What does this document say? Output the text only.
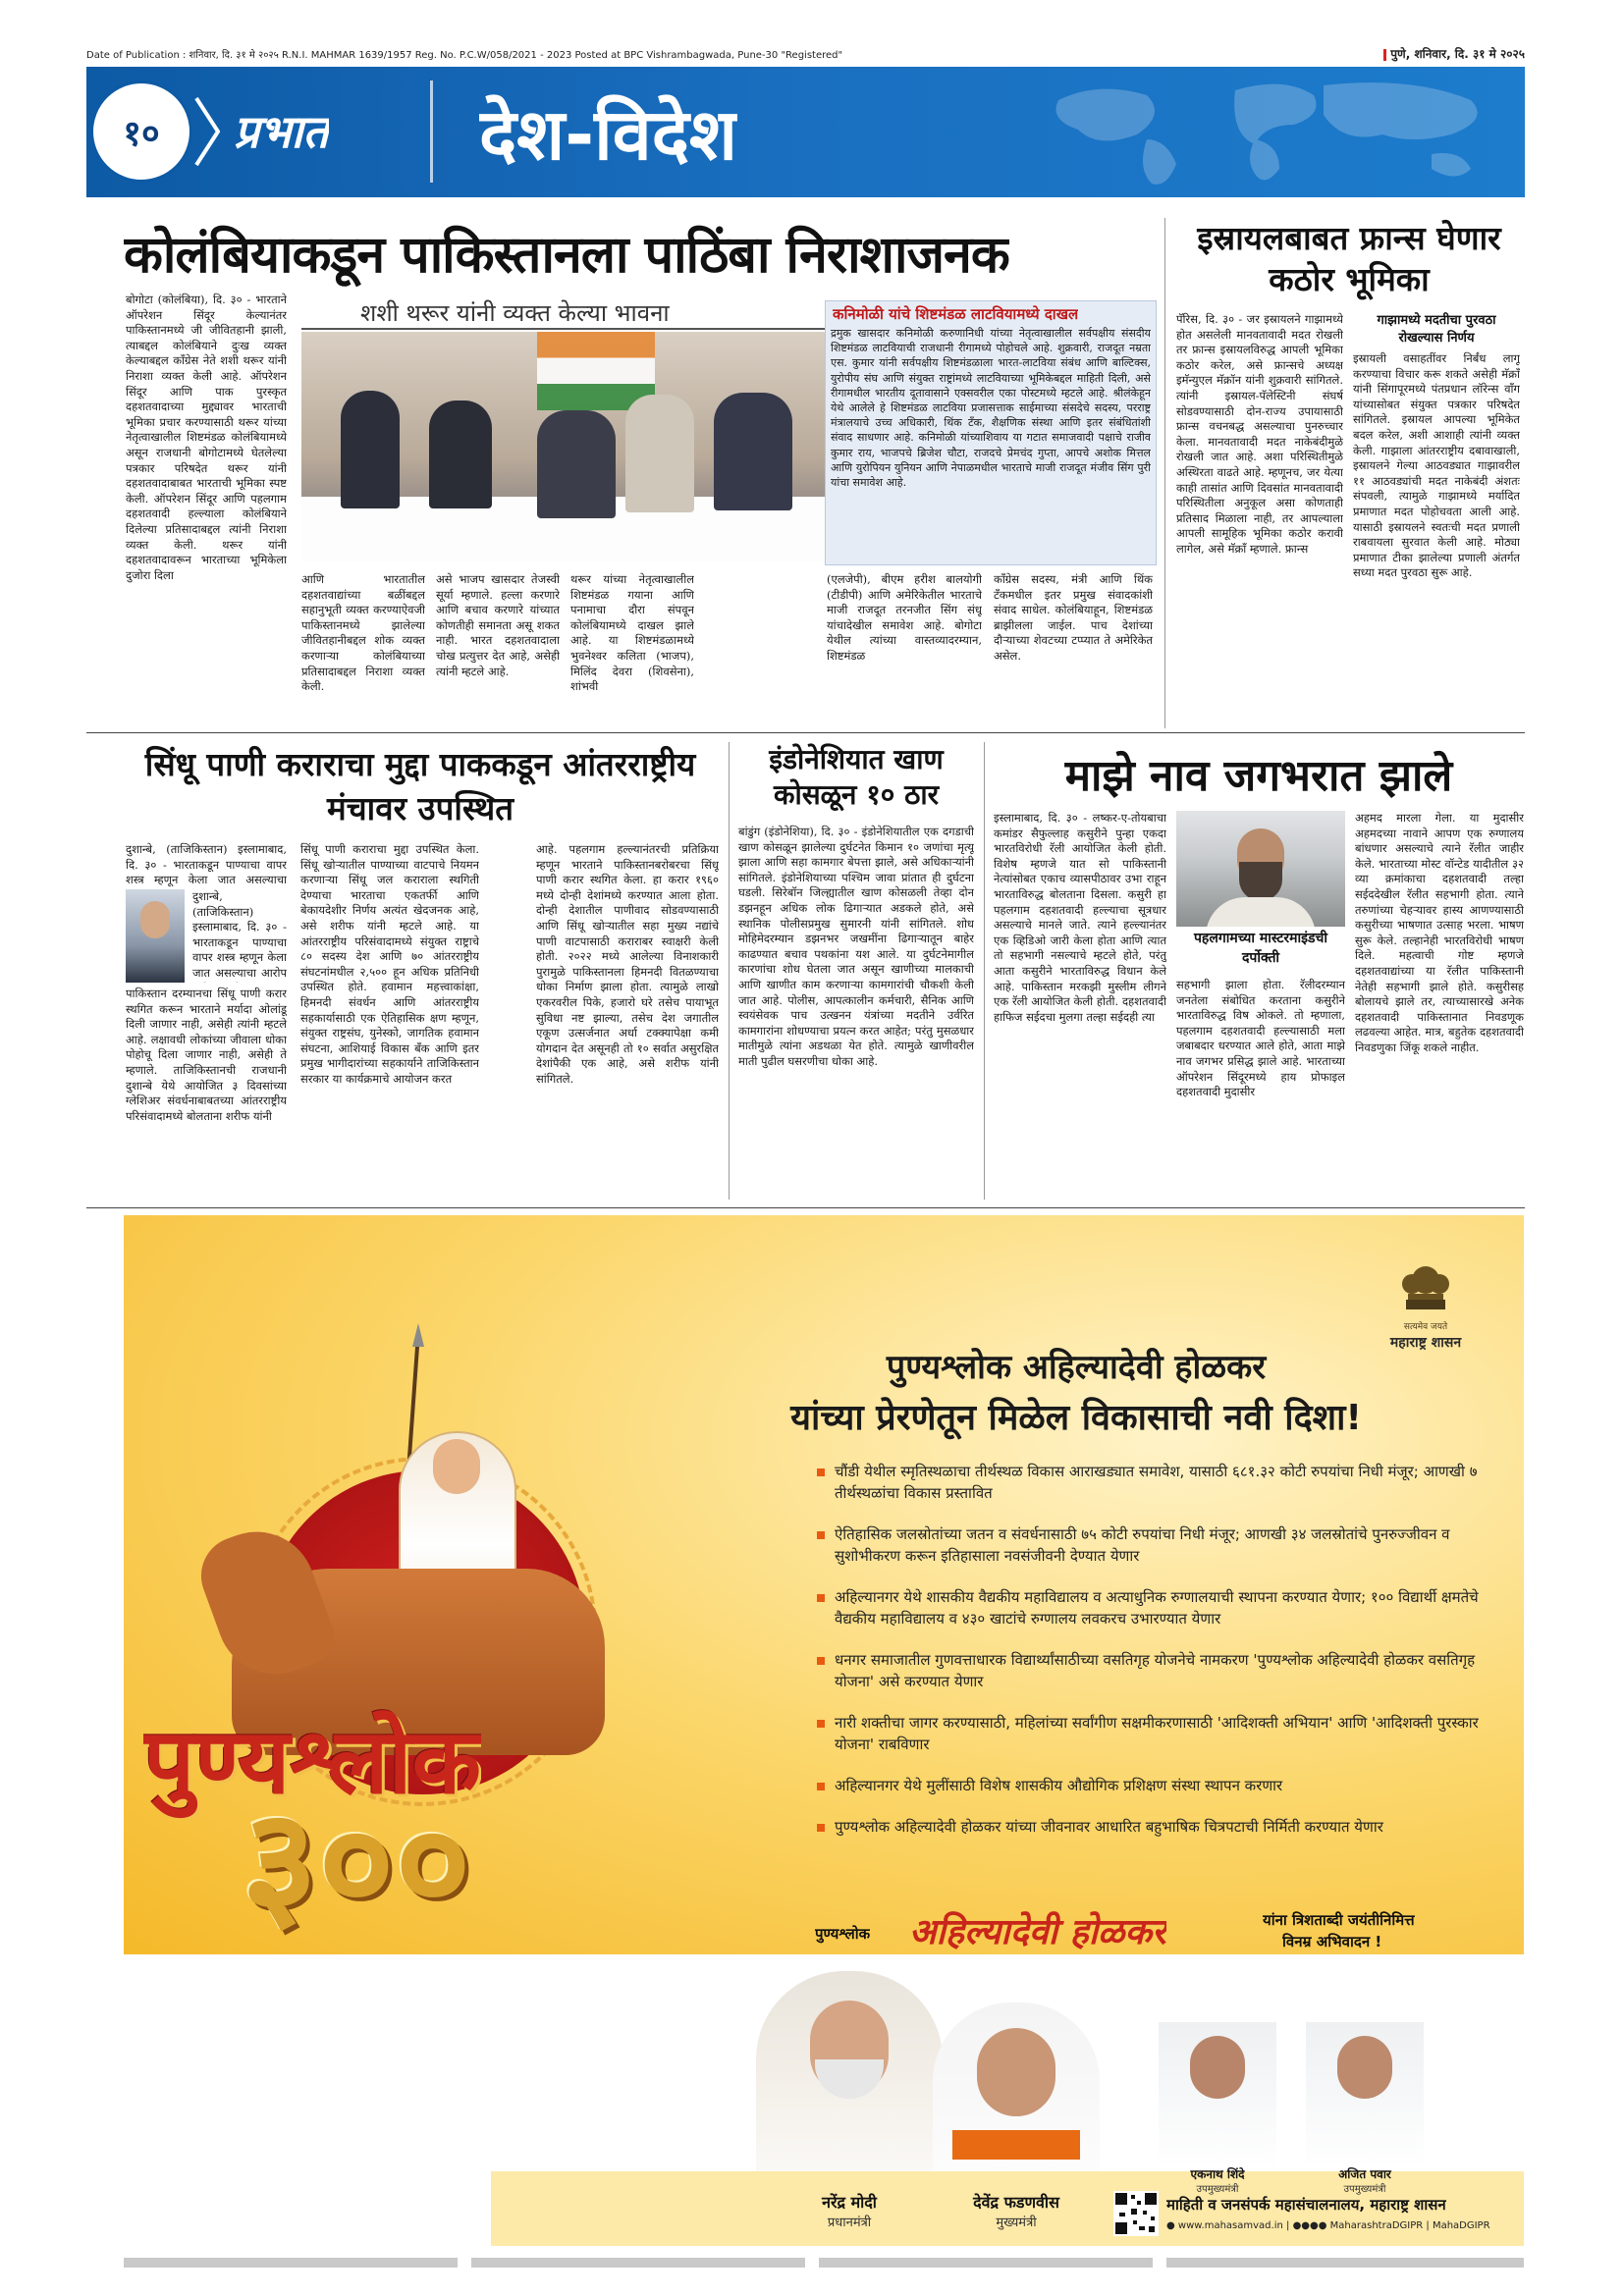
Date of Publication : शनिवार, दि. ३१ मे २०२५ R.N.I. MAHMAR 1639/1957 Reg. No. P.C.W/058/2021 - 2023 Posted at BPC Vishrambagwada, Pune-30 "Registered"	पुणे, शनिवार, दि. ३१ मे २०२५
१०	प्रभात देश-विदेश
कोलंबियाकडून पाकिस्तानला पाठिंबा निराशाजनक
शशी थरूर यांनी व्यक्त केल्या भावना
बोगोटा (कोलंबिया), दि. ३० - भारताने ऑपरेशन सिंदूर केल्यानंतर पाकिस्तानमध्ये जी जीवितहानी झाली, त्याबद्दल कोलंबियाने दुःख व्यक्त केल्याबद्दल काँग्रेस नेते शशी थरूर यांनी निराशा व्यक्त केली आहे. ऑपरेशन सिंदूर आणि पाक पुरस्कृत दहशतवादाच्या मुद्द्यावर भारताची भूमिका प्रचार करण्यासाठी थरूर यांच्या नेतृत्वाखालील शिष्टमंडळ कोलंबियामध्ये असून राजधानी बोगोटामध्ये घेतलेल्या पत्रकार परिषदेत थरूर यांनी दहशतवादाबाबत भारताची भूमिका स्पष्ट केली. ऑपरेशन सिंदूर आणि पहलगाम दहशतवादी हल्ल्याला कोलंबियाने दिलेल्या प्रतिसादाबद्दल त्यांनी निराशा व्यक्त केली. थरूर यांनी दहशतवादावरून भारताच्या भूमिकेला दुजोरा दिला	आणि भारतातील दहशतवाद्यांच्या बळींबद्दल सहानुभूती व्यक्त करण्याऐवजी पाकिस्तानमध्ये झालेल्या जीवितहानीबद्दल शोक व्यक्त करणाऱ्या कोलंबियाच्या प्रतिसादाबद्दल निराशा व्यक्त केली.
असे भाजप खासदार तेजस्वी सूर्या म्हणाले. हल्ला करणारे आणि बचाव करणारे यांच्यात कोणतीही समानता असू शकत नाही. भारत दहशतवादाला चोख प्रत्युत्तर देत आहे, असेही त्यांनी म्हटले आहे.
थरूर यांच्या नेतृत्वाखालील शिष्टमंडळ गयाना आणि पनामाचा दौरा संपवून कोलंबियामध्ये दाखल झाले आहे. या शिष्टमंडळामध्ये भुवनेश्वर कलिता (भाजप), मिलिंद देवरा (शिवसेना), शांभवी
कनिमोळी यांचे शिष्टमंडळ लाटवियामध्ये दाखल
द्रमुक खासदार कनिमोळी करुणानिधी यांच्या नेतृत्वाखालील सर्वपक्षीय संसदीय शिष्टमंडळ लाटवियाची राजधानी रीगामध्ये पोहोचले आहे. शुक्रवारी, राजदूत नम्रता एस. कुमार यांनी सर्वपक्षीय शिष्टमंडळाला भारत-लाटविया संबंध आणि बाल्टिक्स, युरोपीय संघ आणि संयुक्त राष्ट्रांमध्ये लाटवियाच्या भूमिकेबद्दल माहिती दिली, असे रीगामधील भारतीय दूतावासाने एक्सवरील एका पोस्टमध्ये म्हटले आहे. श्रीलंकेहून येथे आलेले हे शिष्टमंडळ लाटविया प्रजासत्ताक साईमाच्या संसदेचे सदस्य, परराष्ट्र मंत्रालयाचे उच्च अधिकारी, थिंक टँक, शैक्षणिक संस्था आणि इतर संबंधितांशी संवाद साधणार आहे. कनिमोळी यांच्याशिवाय या गटात समाजवादी पक्षाचे राजीव कुमार राय, भाजपचे ब्रिजेश चौटा, राजदचे प्रेमचंद गुप्ता, आपचे अशोक मित्तल आणि युरोपियन युनियन आणि नेपाळमधील भारताचे माजी राजदूत मंजीव सिंग पुरी यांचा समावेश आहे.
(एलजेपी), बीएम हरीश बालयोगी (टीडीपी) आणि अमेरिकेतील भारताचे माजी राजदूत तरनजीत सिंग संधू यांचादेखील समावेश आहे. बोगोटा येथील त्यांच्या वास्तव्यादरम्यान, शिष्टमंडळ
काँग्रेस सदस्य, मंत्री आणि थिंक टँकमधील इतर प्रमुख संवादकांशी संवाद साधेल. कोलंबियाहून, शिष्टमंडळ ब्राझीलला जाईल. पाच देशांच्या दौऱ्याच्या शेवटच्या टप्प्यात ते अमेरिकेत असेल.
इस्रायलबाबत फ्रान्स घेणार कठोर भूमिका
पॅरिस, दि. ३० - जर इस्रायलने गाझामध्ये होत असलेली मानवतावादी मदत रोखली तर फ्रान्स इस्रायलविरुद्ध आपली भूमिका कठोर करेल, असे फ्रान्सचे अध्यक्ष इमॅन्युएल मॅक्रॉन यांनी शुक्रवारी सांगितले. त्यांनी इस्रायल-पॅलेस्टिनी संघर्ष सोडवण्यासाठी दोन-राज्य उपायासाठी फ्रान्स वचनबद्ध असल्याचा पुनरुच्चार केला. मानवतावादी मदत नाकेबंदीमुळे रोखली जात आहे. अशा परिस्थितीमुळे अस्थिरता वाढते आहे. म्हणूनच, जर येत्या काही तासांत आणि दिवसांत मानवतावादी परिस्थितीला अनुकूल असा कोणताही प्रतिसाद मिळाला नाही, तर आपल्याला आपली सामूहिक भूमिका कठोर करावी लागेल, असे मॅक्रॉं म्हणाले. फ्रान्स
गाझामध्ये मदतीचा पुरवठा रोखल्यास निर्णय
इस्रायली वसाहतींवर निर्बंध लागू करण्याचा विचार करू शकते असेही मॅक्रॉं यांनी सिंगापूरमध्ये पंतप्रधान लॉरेन्स वाँग यांच्यासोबत संयुक्त पत्रकार परिषदेत सांगितले. इस्रायल आपल्या भूमिकेत बदल करेल, अशी आशाही त्यांनी व्यक्त केली. गाझाला आंतरराष्ट्रीय दबावाखाली, इस्रायलने गेल्या आठवड्यात गाझावरील ११ आठवड्यांची मदत नाकेबंदी अंशतः संपवली, त्यामुळे गाझामध्ये मर्यादित प्रमाणात मदत पोहोचवता आली आहे. यासाठी इस्रायलने स्वतःची मदत प्रणाली राबवायला सुरवात केली आहे. मोठ्या प्रमाणात टीका झालेल्या प्रणाली अंतर्गत सध्या मदत पुरवठा सुरू आहे.
सिंधू पाणी कराराचा मुद्दा पाककडून आंतरराष्ट्रीय मंचावर उपस्थित
दुशान्बे, (ताजिकिस्तान) इस्लामाबाद, दि. ३० - भारताकडून पाण्याचा वापर शस्त्र म्हणून केला जात असल्याचा
दुशान्बे, (ताजिकिस्तान) इस्लामाबाद, दि. ३० - भारताकडून पाण्याचा वापर शस्त्र म्हणून केला जात असल्याचा आरोप
पाकिस्तान दरम्यानचा सिंधू पाणी करार स्थगित करून भारताने मर्यादा ओलांडू दिली जाणार नाही, असेही त्यांनी म्हटले आहे. लक्षावधी लोकांच्या जीवाला धोका पोहोचू दिला जाणार नाही, असेही ते म्हणाले. ताजिकिस्तानची राजधानी दुशान्बे येथे आयोजित ३ दिवसांच्या ग्लेशिअर संवर्धनाबाबतच्या आंतरराष्ट्रीय परिसंवादामध्ये बोलताना शरीफ यांनी
सिंधू पाणी कराराचा मुद्दा उपस्थित केला. सिंधू खोऱ्यातील पाण्याच्या वाटपाचे नियमन करणाऱ्या सिंधू जल कराराला स्थगिती देण्याचा भारताचा एकतर्फी आणि बेकायदेशीर निर्णय अत्यंत खेदजनक आहे, असे शरीफ यांनी म्हटले आहे. या आंतरराष्ट्रीय परिसंवादामध्ये संयुक्त राष्ट्राचे ८० सदस्य देश आणि ७० आंतरराष्ट्रीय संघटनांमधील २,५०० हून अधिक प्रतिनिधी उपस्थित होते. हवामान महत्त्वाकांक्षा, हिमनदी संवर्धन आणि आंतरराष्ट्रीय सहकार्यासाठी एक ऐतिहासिक क्षण म्हणून, संयुक्त राष्ट्रसंघ, युनेस्को, जागतिक हवामान संघटना, आशियाई विकास बँक आणि इतर प्रमुख भागीदारांच्या सहकार्याने ताजिकिस्तान सरकार या कार्यक्रमाचे आयोजन करत
आहे. पहलगाम हल्ल्यानंतरची प्रतिक्रिया म्हणून भारताने पाकिस्तानबरोबरचा सिंधू पाणी करार स्थगित केला. हा करार १९६० मध्ये दोन्ही देशांमध्ये करण्यात आला होता. दोन्ही देशातील पाणीवाद सोडवण्यासाठी आणि सिंधू खोऱ्यातील सहा मुख्य नद्यांचे पाणी वाटपासाठी कराराबर स्वाक्षरी केली होती. २०२२ मध्ये आलेल्या विनाशकारी पुरामुळे पाकिस्तानला हिमनदी वितळण्याचा धोका निर्माण झाला होता. त्यामुळे लाखो एकरवरील पिके, हजारो घरे तसेच पायाभूत सुविधा नष्ट झाल्या, तसेच देश जगातील एकूण उत्सर्जनात अर्धा टक्क्यापेक्षा कमी योगदान देत असूनही तो १० सर्वात असुरक्षित देशांपैकी एक आहे, असे शरीफ यांनी सांगितले.
इंडोनेशियात खाण कोसळून १० ठार
बांडुंग (इंडोनेशिया), दि. ३० - इंडोनेशियातील एक दगडाची खाण कोसळून झालेल्या दुर्घटनेत किमान १० जणांचा मृत्यू झाला आणि सहा कामगार बेपत्ता झाले, असे अधिकाऱ्यांनी सांगितले. इंडोनेशियाच्या पश्चिम जावा प्रांतात ही दुर्घटना घडली. सिरेबॉन जिल्ह्यातील खाण कोसळली तेव्हा दोन डझनहून अधिक लोक ढिगाऱ्यात अडकले होते, असे स्थानिक पोलीसप्रमुख सुमारनी यांनी सांगितले. शोध मोहिमेदरम्यान डझनभर जखमींना ढिगाऱ्यातून बाहेर काढण्यात बचाव पथकांना यश आले. या दुर्घटनेमागील कारणांचा शोध घेतला जात असून खाणीच्या मालकाची आणि खाणीत काम करणाऱ्या कामगारांची चौकशी केली जात आहे. पोलीस, आपत्कालीन कर्मचारी, सैनिक आणि स्वयंसेवक पाच उत्खनन यंत्रांच्या मदतीने उर्वरित कामगारांना शोधण्याचा प्रयत्न करत आहेत; परंतु मुसळधार मातीमुळे त्यांना अडथळा येत होते. त्यामुळे खाणीवरील माती पुढील घसरणीचा धोका आहे.
माझे नाव जगभरात झाले
इस्लामाबाद, दि. ३० - लष्कर-ए-तोयबाचा कमांडर सैफुल्लाह कसुरीने पुन्हा एकदा भारतविरोधी रॅली आयोजित केली होती. विशेष म्हणजे यात सो पाकिस्तानी नेत्यांसोबत एकाच व्यासपीठावर उभा राहून भारताविरुद्ध बोलताना दिसला. कसुरी हा पहलगाम दहशतवादी हल्ल्याचा सूत्रधार असल्याचे मानले जाते. त्याने हल्ल्यानंतर एक व्हिडिओ जारी केला होता आणि त्यात तो सहभागी नसल्याचे म्हटले होते, परंतु आता कसुरीने भारताविरुद्ध विधान केले आहे. पाकिस्तान मरकझी मुस्लीम लीगने एक रॅली आयोजित केली होती. दहशतवादी हाफिज सईदचा मुलगा तल्हा सईदही त्या
पहलगामच्या मास्टरमाइंडची दर्पोक्ती
सहभागी झाला होता. रॅलीदरम्यान जनतेला संबोधित करताना कसुरीने भारताविरुद्ध विष ओकले. तो म्हणाला, पहलगाम दहशतवादी हल्ल्यासाठी मला जबाबदार धरण्यात आले होते, आता माझे नाव जगभर प्रसिद्ध झाले आहे. भारताच्या ऑपरेशन सिंदूरमध्ये हाय प्रोफाइल दहशतवादी मुदासीर
अहमद मारला गेला. या मुदासीर अहमदच्या नावाने आपण एक रुग्णालय बांधणार असल्याचे त्याने रॅलीत जाहीर केले. भारताच्या मोस्ट वॉन्टेड यादीतील ३२ व्या क्रमांकाचा दहशतवादी तल्हा सईददेखील रॅलीत सहभागी होता. त्याने तरुणांच्या चेहऱ्यावर हास्य आणण्यासाठी कसुरीच्या भाषणात उत्साह भरला. भाषण सुरू केले. तल्हानेही भारतविरोधी भाषण दिले. महत्वाची गोष्ट म्हणजे दहशतवाद्यांच्या या रॅलीत पाकिस्तानी नेतेही सहभागी झाले होते. कसुरीसह बोलायचे झाले तर, त्याच्यासारखे अनेक दहशतवादी पाकिस्तानात निवडणूक लढवल्या आहेत. मात्र, बहुतेक दहशतवादी निवडणुका जिंकू शकले नाहीत.
सत्यमेव जयते
महाराष्ट्र शासन
पुण्यश्लोक
३००
पुण्यश्लोक अहिल्यादेवी होळकर
यांच्या प्रेरणेतून मिळेल विकासाची नवी दिशा!
चौंडी येथील स्मृतिस्थळाचा तीर्थस्थळ विकास आराखड्यात समावेश, यासाठी ६८१.३२ कोटी रुपयांचा निधी मंजूर; आणखी ७ तीर्थस्थळांचा विकास प्रस्तावित
ऐतिहासिक जलस्रोतांच्या जतन व संवर्धनासाठी ७५ कोटी रुपयांचा निधी मंजूर; आणखी ३४ जलस्रोतांचे पुनरुज्जीवन व सुशोभीकरण करून इतिहासाला नवसंजीवनी देण्यात येणार
अहिल्यानगर येथे शासकीय वैद्यकीय महाविद्यालय व अत्याधुनिक रुग्णालयाची स्थापना करण्यात येणार; १०० विद्यार्थी क्षमतेचे वैद्यकीय महाविद्यालय व ४३० खाटांचे रुग्णालय लवकरच उभारण्यात येणार
धनगर समाजातील गुणवत्ताधारक विद्यार्थ्यांसाठीच्या वसतिगृह योजनेचे नामकरण 'पुण्यश्लोक अहिल्यादेवी होळकर वसतिगृह योजना' असे करण्यात येणार
नारी शक्तीचा जागर करण्यासाठी, महिलांच्या सर्वांगीण सक्षमीकरणासाठी 'आदिशक्ती अभियान' आणि 'आदिशक्ती पुरस्कार योजना' राबविणार
अहिल्यानगर येथे मुलींसाठी विशेष शासकीय औद्योगिक प्रशिक्षण संस्था स्थापन करणार
पुण्यश्लोक अहिल्यादेवी होळकर यांच्या जीवनावर आधारित बहुभाषिक चित्रपटाची निर्मिती करण्यात येणार
पुण्यश्लोक अहिल्यादेवी होळकर	यांना त्रिशताब्दी जयंतीनिमित्त
विनम्र अभिवादन !
नरेंद्र मोदी
प्रधानमंत्री
देवेंद्र फडणवीस
मुख्यमंत्री
एकनाथ शिंदे
उपमुख्यमंत्री
अजित पवार
उपमुख्यमंत्री
माहिती व जनसंपर्क महासंचालनालय, महाराष्ट्र शासन
● www.mahasamvad.in | ●●●● MaharashtraDGIPR | MahaDGIPR
